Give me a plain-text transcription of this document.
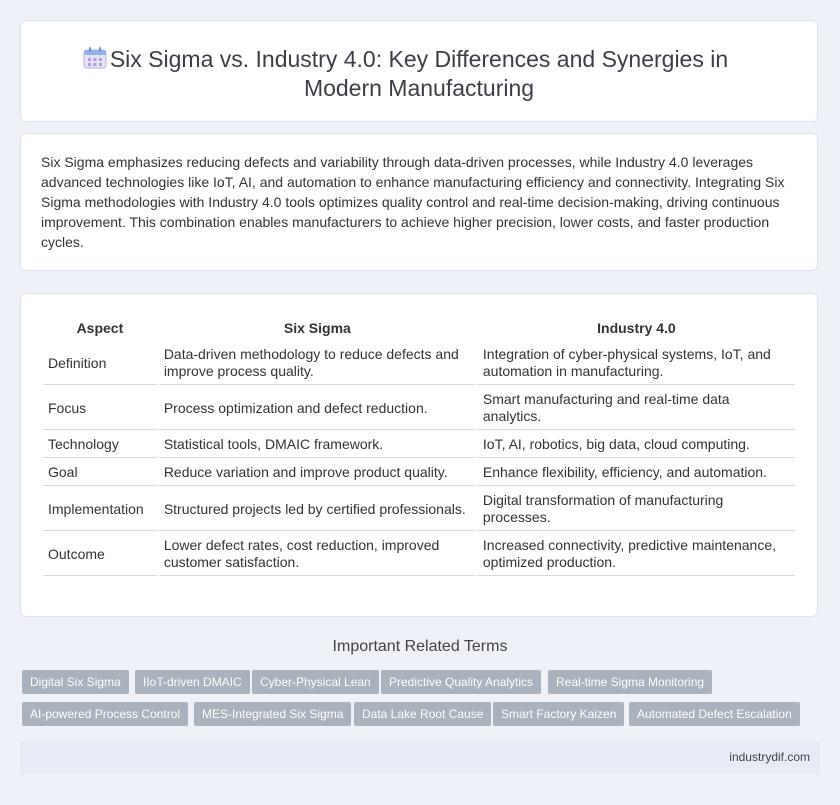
Six Sigma vs. Industry 4.0: Key Differences and Synergies in Modern Manufacturing

Six Sigma emphasizes reducing defects and variability through data-driven processes, while Industry 4.0 leverages advanced technologies like IoT, AI, and automation to enhance manufacturing efficiency and connectivity. Integrating Six Sigma methodologies with Industry 4.0 tools optimizes quality control and real-time decision-making, driving continuous improvement. This combination enables manufacturers to achieve higher precision, lower costs, and faster production cycles.

Aspect	Six Sigma	Industry 4.0
Definition	Data-driven methodology to reduce defects and improve process quality.	Integration of cyber-physical systems, IoT, and automation in manufacturing.
Focus	Process optimization and defect reduction.	Smart manufacturing and real-time data analytics.
Technology	Statistical tools, DMAIC framework.	IoT, AI, robotics, big data, cloud computing.
Goal	Reduce variation and improve product quality.	Enhance flexibility, efficiency, and automation.
Implementation	Structured projects led by certified professionals.	Digital transformation of manufacturing processes.
Outcome	Lower defect rates, cost reduction, improved customer satisfaction.	Increased connectivity, predictive maintenance, optimized production.
Important Related Terms
Digital Six Sigma	IIoT-driven DMAIC	Cyber-Physical Lean	Predictive Quality Analytics	Real-time Sigma Monitoring
AI-powered Process Control	MES-Integrated Six Sigma	Data Lake Root Cause	Smart Factory Kaizen	Automated Defect Escalation
industrydif.com
